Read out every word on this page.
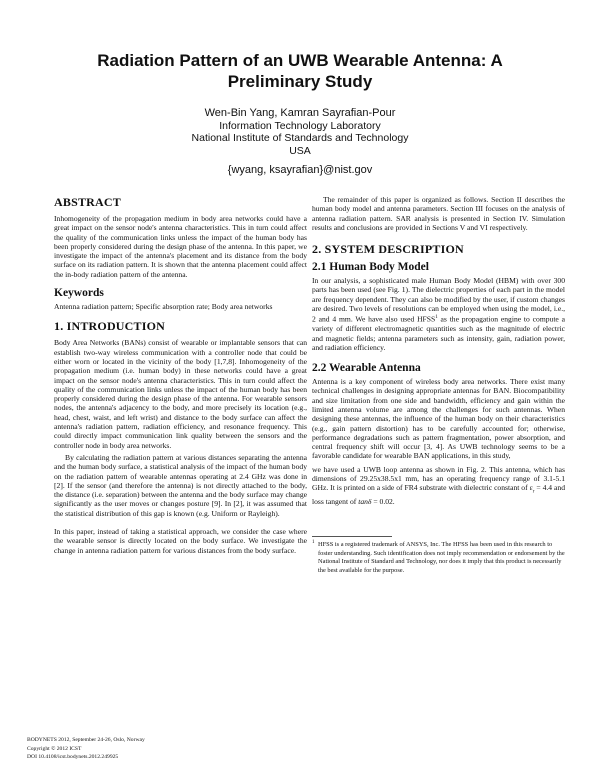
Radiation Pattern of an UWB Wearable Antenna: A Preliminary Study
Wen-Bin Yang, Kamran Sayrafian-Pour
Information Technology Laboratory
National Institute of Standards and Technology
USA
{wyang, ksayrafian}@nist.gov
ABSTRACT

Inhomogeneity of the propagation medium in body area networks could have a great impact on the sensor node's antenna characteristics. This in turn could affect the quality of the communication links unless the impact of the human body has been properly considered during the design phase of the antenna. In this paper, we investigate the impact of the antenna's placement and its distance from the body surface on its radiation pattern. It is shown that the antenna placement could affect the in-body radiation pattern of the antenna.

Keywords

Antenna radiation pattern; Specific absorption rate; Body area networks

1. INTRODUCTION

Body Area Networks (BANs) consist of wearable or implantable sensors that can establish two-way wireless communication with a controller node that could be either worn or located in the vicinity of the body [1,7,8]. Inhomogeneity of the propagation medium (i.e. human body) in these networks could have a great impact on the sensor node's antenna characteristics. This in turn could affect the quality of the communication links unless the impact of the human body has been properly considered during the design phase of the antenna. For wearable sensors nodes, the antenna's adjacency to the body, and more precisely its location (e.g., head, chest, waist, and left wrist) and distance to the body surface can affect the antenna's radiation pattern, radiation efficiency, and resonance frequency. This could directly impact communication link quality between the sensors and the controller node in body area networks.

By calculating the radiation pattern at various distances separating the antenna and the human body surface, a statistical analysis of the impact of the human body on the radiation pattern of wearable antennas operating at 2.4 GHz was done in [2]. If the sensor (and therefore the antenna) is not directly attached to the body, the distance (i.e. separation) between the antenna and the body surface may change significantly as the user moves or changes posture [9]. In [2], it was assumed that the statistical distribution of this gap is known (e.g. Uniform or Rayleigh).

In this paper, instead of taking a statistical approach, we consider the case where the wearable sensor is directly located on the body surface. We investigate the change in antenna radiation pattern for various distances from the body surface.

The remainder of this paper is organized as follows. Section II describes the human body model and antenna parameters. Section III focuses on the analysis of antenna radiation pattern. SAR analysis is presented in Section IV. Simulation results and conclusions are provided in Sections V and VI respectively.

2. SYSTEM DESCRIPTION
2.1 Human Body Model

In our analysis, a sophisticated male Human Body Model (HBM) with over 300 parts has been used (see Fig. 1). The dielectric properties of each part in the model are frequency dependent. They can also be modified by the user, if custom changes are desired. Two levels of resolutions can be employed when using the model, i.e., 2 and 4 mm. We have also used HFSS$^1$ as the propagation engine to compute a variety of different electromagnetic quantities such as the magnitude of electric and magnetic fields; antenna parameters such as intensity, gain, radiation power, and radiation efficiency.

2.2 Wearable Antenna

Antenna is a key component of wireless body area networks. There exist many technical challenges in designing appropriate antennas for BAN. Biocompatibility and size limitation from one side and bandwidth, efficiency and gain within the limited antenna volume are among the challenges for such antennas. When designing these antennas, the influence of the human body on their characteristics (e.g., gain pattern distortion) has to be carefully accounted for; otherwise, performance degradations such as pattern fragmentation, power absorption, and central frequency shift will occur [3, 4]. As UWB technology seems to be a favorable candidate for wearable BAN applications, in this study,

we have used a UWB loop antenna as shown in Fig. 2. This antenna, which has dimensions of 29.25x38.5x1 mm, has an operating frequency range of 3.1-5.1 GHz. It is printed on a side of FR4 substrate with dielectric constant of $\varepsilon_r = 4.4$ and loss tangent of tanδ = 0.02.

1 HFSS is a registered trademark of ANSYS, Inc. The HFSS has been used in this research to foster understanding. Such identification does not imply recommendation or endorsement by the National Institute of Standard and Technology, nor does it imply that this product is necessarily the best available for the purpose.
BODYNETS 2012, September 24-26, Oslo, Norway
Copyright © 2012 ICST
DOI 10.4108/icst.bodynets.2012.249925
